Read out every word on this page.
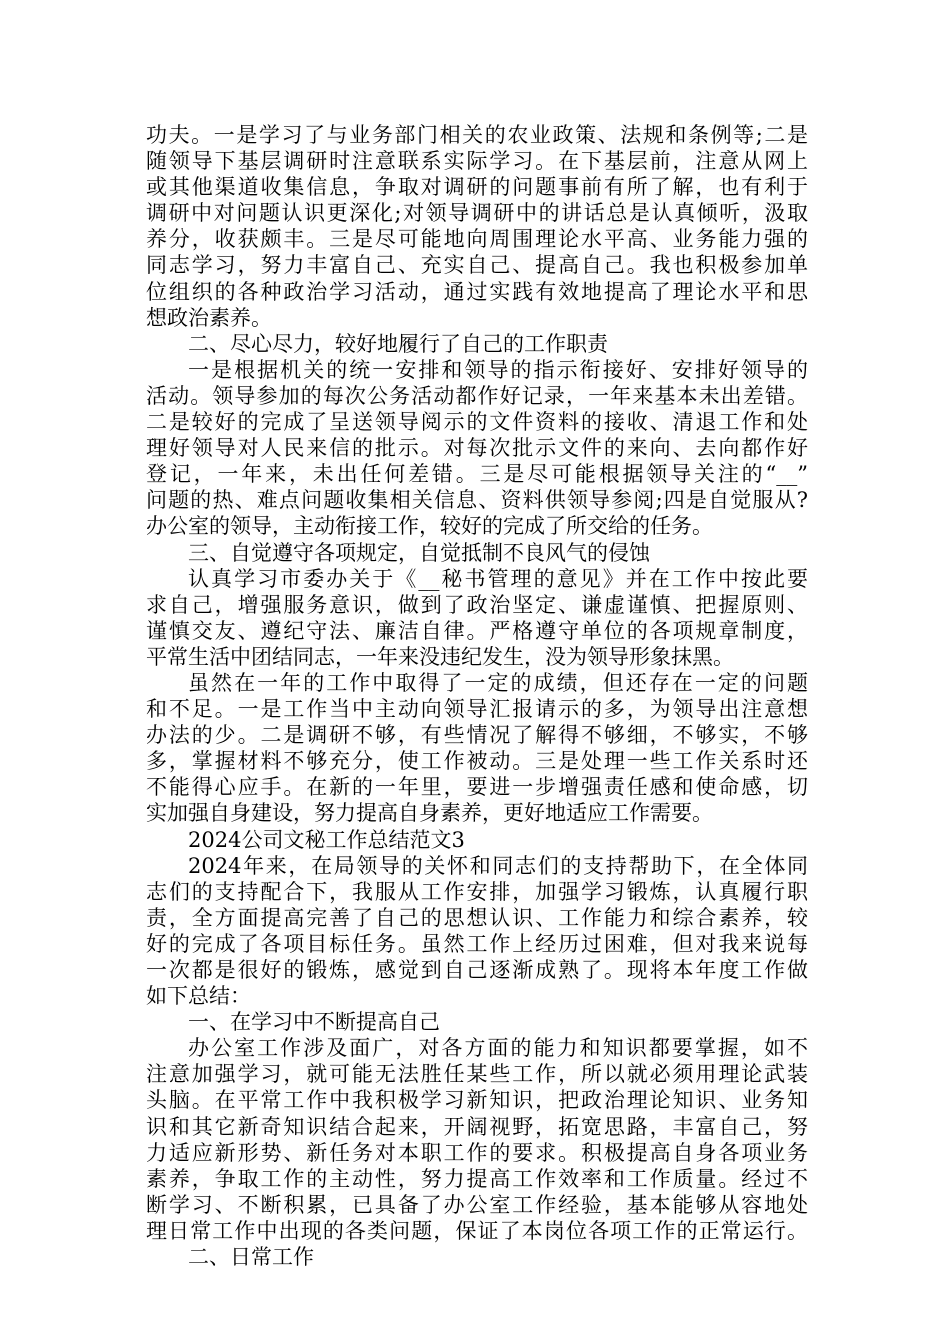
功夫。一是学习了与业务部门相关的农业政策、法规和条例等;二是
随领导下基层调研时注意联系实际学习。在下基层前，注意从网上
或其他渠道收集信息，争取对调研的问题事前有所了解，也有利于
调研中对问题认识更深化;对领导调研中的讲话总是认真倾听，汲取
养分，收获颇丰。三是尽可能地向周围理论水平高、业务能力强的
同志学习，努力丰富自己、充实自己、提高自己。我也积极参加单
位组织的各种政治学习活动，通过实践有效地提高了理论水平和思
想政治素养。
二、尽心尽力，较好地履行了自己的工作职责
一是根据机关的统一安排和领导的指示衔接好、安排好领导的
活动。领导参加的每次公务活动都作好记录，一年来基本未出差错。
二是较好的完成了呈送领导阅示的文件资料的接收、清退工作和处
理好领导对人民来信的批示。对每次批示文件的来向、去向都作好
登记，一年来，未出任何差错。三是尽可能根据领导关注的“__”
问题的热、难点问题收集相关信息、资料供领导参阅;四是自觉服从?
办公室的领导，主动衔接工作，较好的完成了所交给的任务。
三、自觉遵守各项规定，自觉抵制不良风气的侵蚀
认真学习市委办关于《__秘书管理的意见》并在工作中按此要
求自己，增强服务意识，做到了政治坚定、谦虚谨慎、把握原则、
谨慎交友、遵纪守法、廉洁自律。严格遵守单位的各项规章制度，
平常生活中团结同志，一年来没违纪发生，没为领导形象抹黑。
虽然在一年的工作中取得了一定的成绩，但还存在一定的问题
和不足。一是工作当中主动向领导汇报请示的多，为领导出注意想
办法的少。二是调研不够，有些情况了解得不够细，不够实，不够
多，掌握材料不够充分，使工作被动。三是处理一些工作关系时还
不能得心应手。在新的一年里，要进一步增强责任感和使命感，切
实加强自身建设，努力提高自身素养，更好地适应工作需要。
2024公司文秘工作总结范文3
2024年来，在局领导的关怀和同志们的支持帮助下，在全体同
志们的支持配合下，我服从工作安排，加强学习锻炼，认真履行职
责，全方面提高完善了自己的思想认识、工作能力和综合素养，较
好的完成了各项目标任务。虽然工作上经历过困难，但对我来说每
一次都是很好的锻炼，感觉到自己逐渐成熟了。现将本年度工作做
如下总结：
一、在学习中不断提高自己
办公室工作涉及面广，对各方面的能力和知识都要掌握，如不
注意加强学习，就可能无法胜任某些工作，所以就必须用理论武装
头脑。在平常工作中我积极学习新知识，把政治理论知识、业务知
识和其它新奇知识结合起来，开阔视野，拓宽思路，丰富自己，努
力适应新形势、新任务对本职工作的要求。积极提高自身各项业务
素养，争取工作的主动性，努力提高工作效率和工作质量。经过不
断学习、不断积累，已具备了办公室工作经验，基本能够从容地处
理日常工作中出现的各类问题，保证了本岗位各项工作的正常运行。
二、日常工作
